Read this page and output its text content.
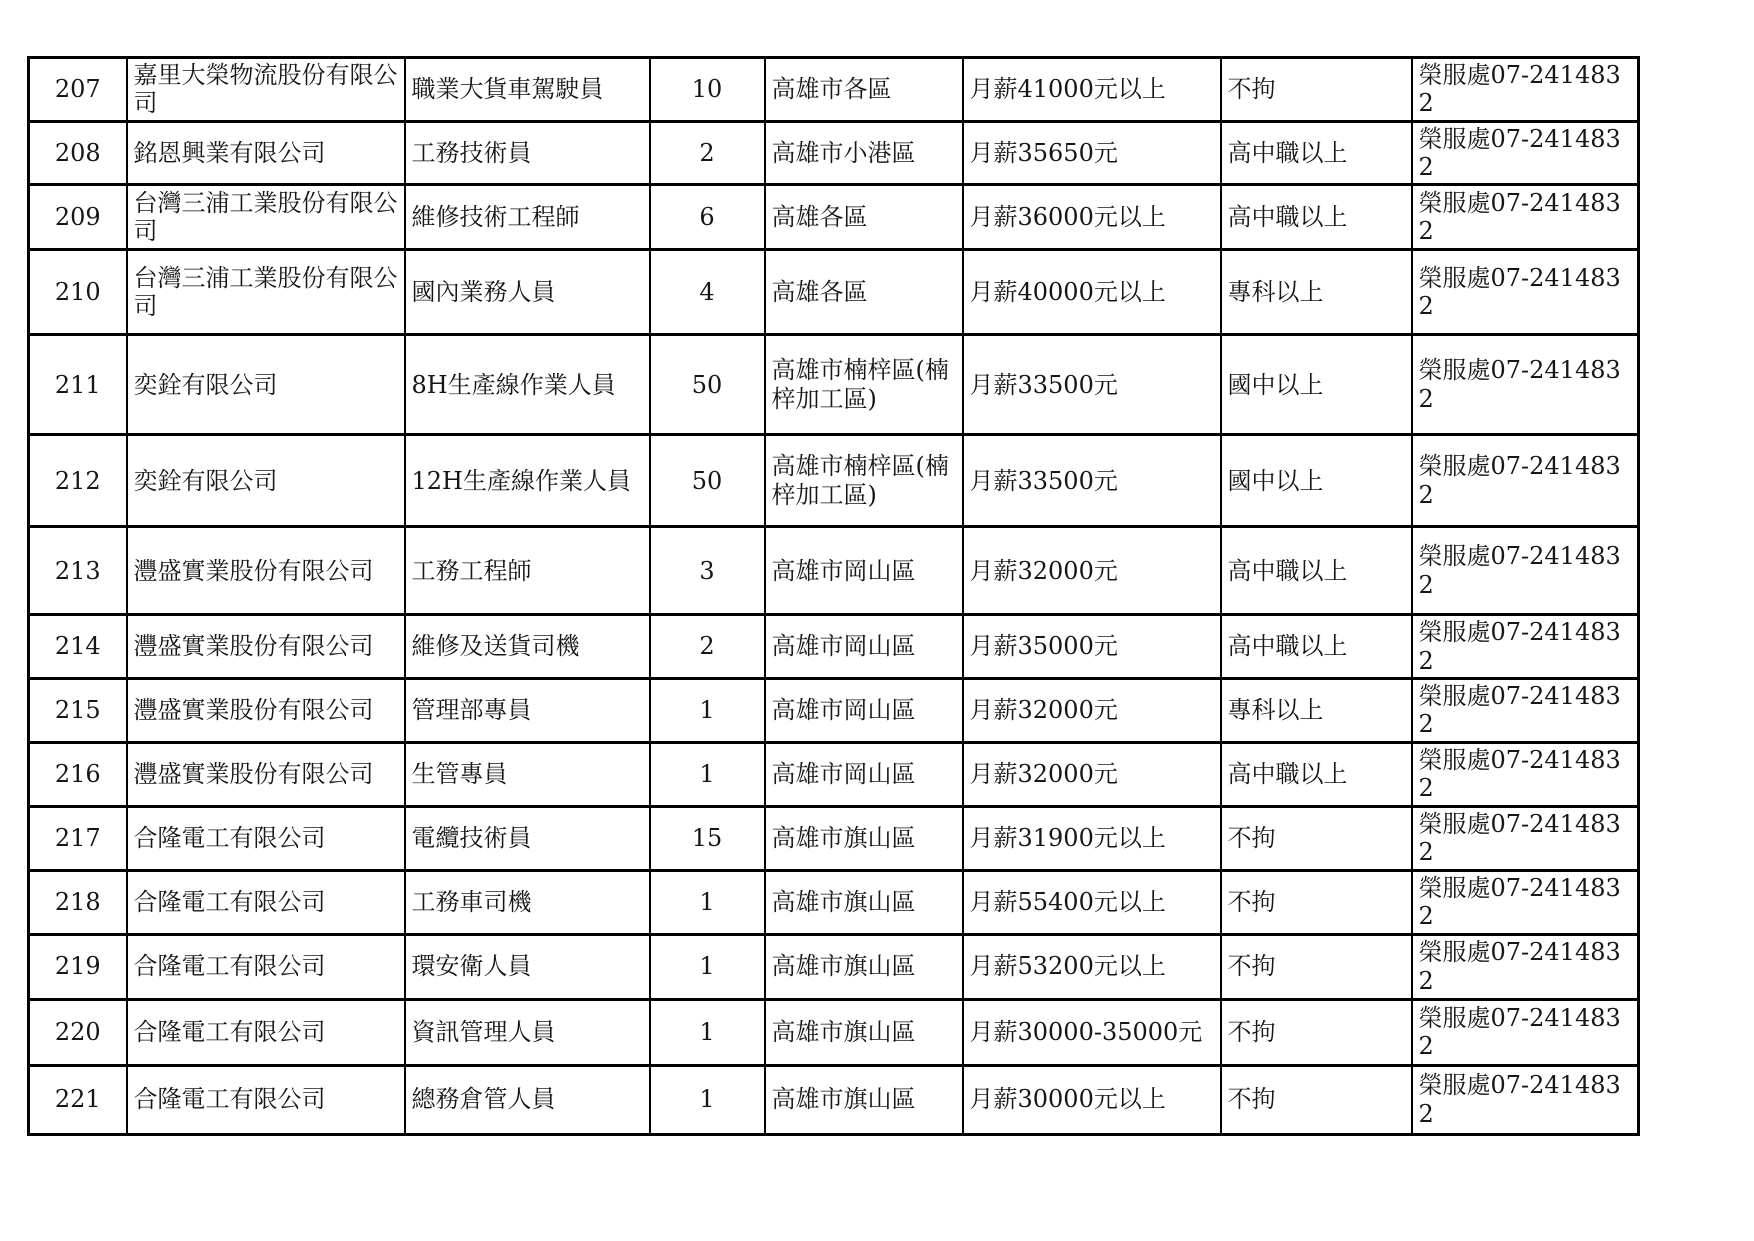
207	嘉里大榮物流股份有限公司	職業大貨車駕駛員	10	高雄市各區	月薪41000元以上	不拘	榮服處07-2414832
208	銘恩興業有限公司	工務技術員	2	高雄市小港區	月薪35650元	高中職以上	榮服處07-2414832
209	台灣三浦工業股份有限公司	維修技術工程師	6	高雄各區	月薪36000元以上	高中職以上	榮服處07-2414832
210	台灣三浦工業股份有限公司	國內業務人員	4	高雄各區	月薪40000元以上	專科以上	榮服處07-2414832
211	奕銓有限公司	8H生產線作業人員	50	高雄市楠梓區(楠梓加工區)	月薪33500元	國中以上	榮服處07-2414832
212	奕銓有限公司	12H生產線作業人員	50	高雄市楠梓區(楠梓加工區)	月薪33500元	國中以上	榮服處07-2414832
213	灃盛實業股份有限公司	工務工程師	3	高雄市岡山區	月薪32000元	高中職以上	榮服處07-2414832
214	灃盛實業股份有限公司	維修及送貨司機	2	高雄市岡山區	月薪35000元	高中職以上	榮服處07-2414832
215	灃盛實業股份有限公司	管理部專員	1	高雄市岡山區	月薪32000元	專科以上	榮服處07-2414832
216	灃盛實業股份有限公司	生管專員	1	高雄市岡山區	月薪32000元	高中職以上	榮服處07-2414832
217	合隆電工有限公司	電纜技術員	15	高雄市旗山區	月薪31900元以上	不拘	榮服處07-2414832
218	合隆電工有限公司	工務車司機	1	高雄市旗山區	月薪55400元以上	不拘	榮服處07-2414832
219	合隆電工有限公司	環安衛人員	1	高雄市旗山區	月薪53200元以上	不拘	榮服處07-2414832
220	合隆電工有限公司	資訊管理人員	1	高雄市旗山區	月薪30000-35000元	不拘	榮服處07-2414832
221	合隆電工有限公司	總務倉管人員	1	高雄市旗山區	月薪30000元以上	不拘	榮服處07-2414832
